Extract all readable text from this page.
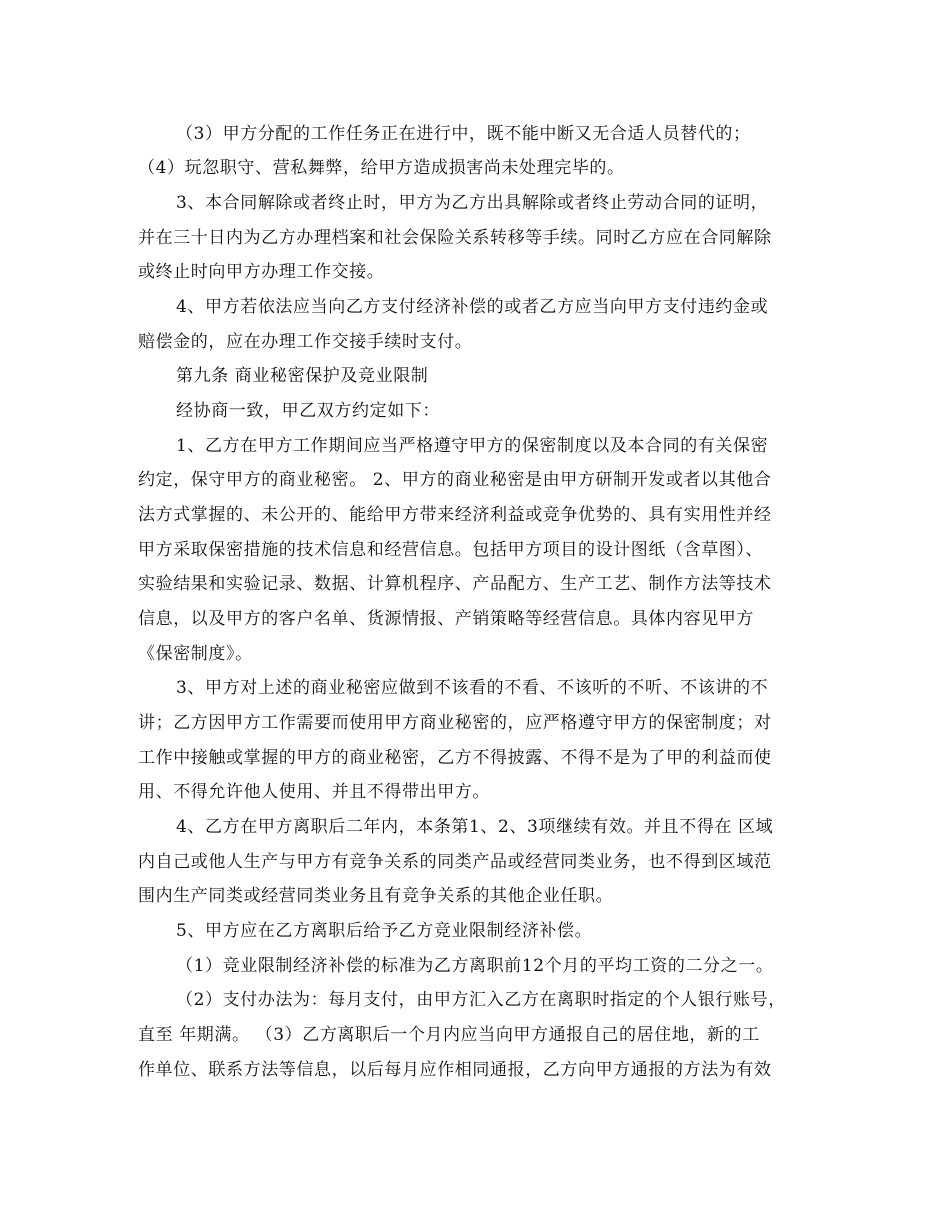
（3）甲方分配的工作任务正在进行中，既不能中断又无合适人员替代的；
（4）玩忽职守、营私舞弊，给甲方造成损害尚未处理完毕的。
3、本合同解除或者终止时，甲方为乙方出具解除或者终止劳动合同的证明，
并在三十日内为乙方办理档案和社会保险关系转移等手续。同时乙方应在合同解除
或终止时向甲方办理工作交接。
4、甲方若依法应当向乙方支付经济补偿的或者乙方应当向甲方支付违约金或
赔偿金的，应在办理工作交接手续时支付。
第九条 商业秘密保护及竞业限制
经协商一致，甲乙双方约定如下：
1、乙方在甲方工作期间应当严格遵守甲方的保密制度以及本合同的有关保密
约定，保守甲方的商业秘密。 2、甲方的商业秘密是由甲方研制开发或者以其他合
法方式掌握的、未公开的、能给甲方带来经济利益或竞争优势的、具有实用性并经
甲方采取保密措施的技术信息和经营信息。包括甲方项目的设计图纸（含草图）、
实验结果和实验记录、数据、计算机程序、产品配方、生产工艺、制作方法等技术
信息，以及甲方的客户名单、货源情报、产销策略等经营信息。具体内容见甲方
《保密制度》。
3、甲方对上述的商业秘密应做到不该看的不看、不该听的不听、不该讲的不
讲；乙方因甲方工作需要而使用甲方商业秘密的，应严格遵守甲方的保密制度；对
工作中接触或掌握的甲方的商业秘密，乙方不得披露、不得不是为了甲的利益而使
用、不得允许他人使用、并且不得带出甲方。
4、乙方在甲方离职后二年内，本条第1、2、3项继续有效。并且不得在 区域
内自己或他人生产与甲方有竞争关系的同类产品或经营同类业务，也不得到区域范
围内生产同类或经营同类业务且有竞争关系的其他企业任职。
5、甲方应在乙方离职后给予乙方竞业限制经济补偿。
（1）竞业限制经济补偿的标准为乙方离职前12个月的平均工资的二分之一。
（2）支付办法为：每月支付，由甲方汇入乙方在离职时指定的个人银行账号，
直至 年期满。 （3）乙方离职后一个月内应当向甲方通报自己的居住地，新的工
作单位、联系方法等信息，以后每月应作相同通报，乙方向甲方通报的方法为有效
